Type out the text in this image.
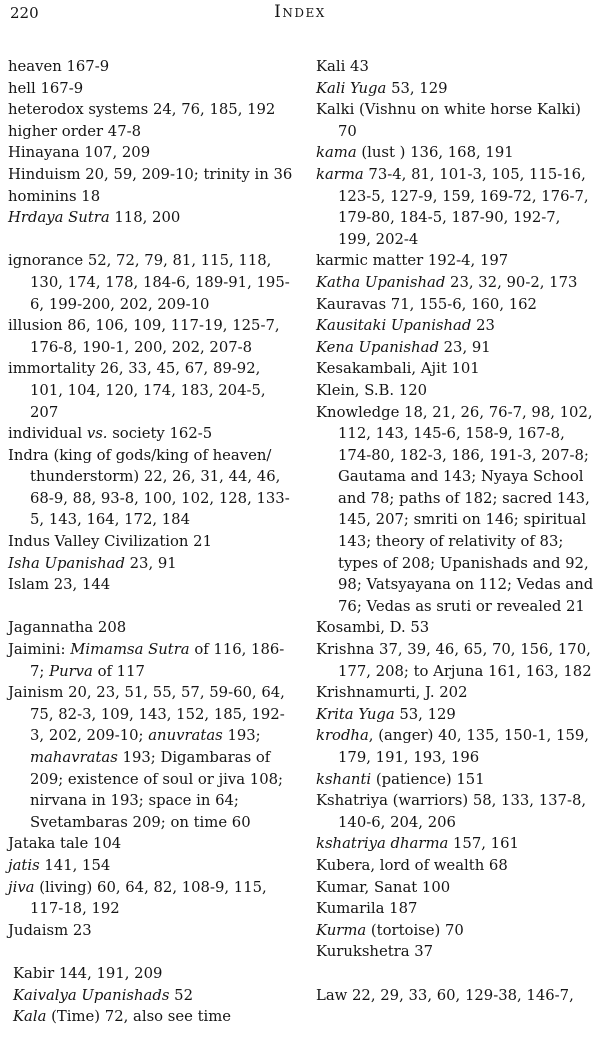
220	Index

heaven 167-9

hell 167-9

heterodox systems 24, 76, 185, 192

higher order 47-8

Hinayana 107, 209

Hinduism 20, 59, 209-10; trinity in 36

hominins 18

Hrdaya Sutra 118, 200

ignorance 52, 72, 79, 81, 115, 118, 130, 174, 178, 184-6, 189-91, 195-6, 199-200, 202, 209-10

illusion 86, 106, 109, 117-19, 125-7, 176-8, 190-1, 200, 202, 207-8

immortality 26, 33, 45, 67, 89-92, 101, 104, 120, 174, 183, 204-5, 207

individual vs. society 162-5

Indra (king of gods/king of heaven/ thunderstorm) 22, 26, 31, 44, 46, 68-9, 88, 93-8, 100, 102, 128, 133-5, 143, 164, 172, 184

Indus Valley Civilization 21

Isha Upanishad 23, 91

Islam 23, 144

Jagannatha 208

Jaimini: Mimamsa Sutra of 116, 186-7; Purva of 117

Jainism 20, 23, 51, 55, 57, 59-60, 64, 75, 82-3, 109, 143, 152, 185, 192-3, 202, 209-10; anuvratas 193; mahavratas 193; Digambaras of 209; existence of soul or jiva 108; nirvana in 193; space in 64; Svetambaras 209; on time 60

Jataka tale 104

jatis 141, 154

jiva (living) 60, 64, 82, 108-9, 115, 117-18, 192

Judaism 23

Kabir 144, 191, 209

Kaivalya Upanishads 52

Kala (Time) 72, also see time

Kali 43

Kali Yuga 53, 129

Kalki (Vishnu on white horse Kalki) 70

kama (lust ) 136, 168, 191

karma 73-4, 81, 101-3, 105, 115-16, 123-5, 127-9, 159, 169-72, 176-7, 179-80, 184-5, 187-90, 192-7, 199, 202-4

karmic matter 192-4, 197

Katha Upanishad 23, 32, 90-2, 173

Kauravas 71, 155-6, 160, 162

Kausitaki Upanishad 23

Kena Upanishad 23, 91

Kesakambali, Ajit 101

Klein, S.B. 120

Knowledge 18, 21, 26, 76-7, 98, 102, 112, 143, 145-6, 158-9, 167-8, 174-80, 182-3, 186, 191-3, 207-8; Gautama and 143; Nyaya School and 78; paths of 182; sacred 143, 145, 207; smriti on 146; spiritual 143; theory of relativity of 83; types of 208; Upanishads and 92, 98; Vatsyayana on 112; Vedas and 76; Vedas as sruti or revealed 21

Kosambi, D. 53

Krishna 37, 39, 46, 65, 70, 156, 170, 177, 208; to Arjuna 161, 163, 182

Krishnamurti, J. 202

Krita Yuga 53, 129

krodha, (anger) 40, 135, 150-1, 159, 179, 191, 193, 196

kshanti (patience) 151

Kshatriya (warriors) 58, 133, 137-8, 140-6, 204, 206

kshatriya dharma 157, 161

Kubera, lord of wealth 68

Kumar, Sanat 100

Kumarila 187

Kurma (tortoise) 70

Kurukshetra 37

Law 22, 29, 33, 60, 129-38, 146-7,
